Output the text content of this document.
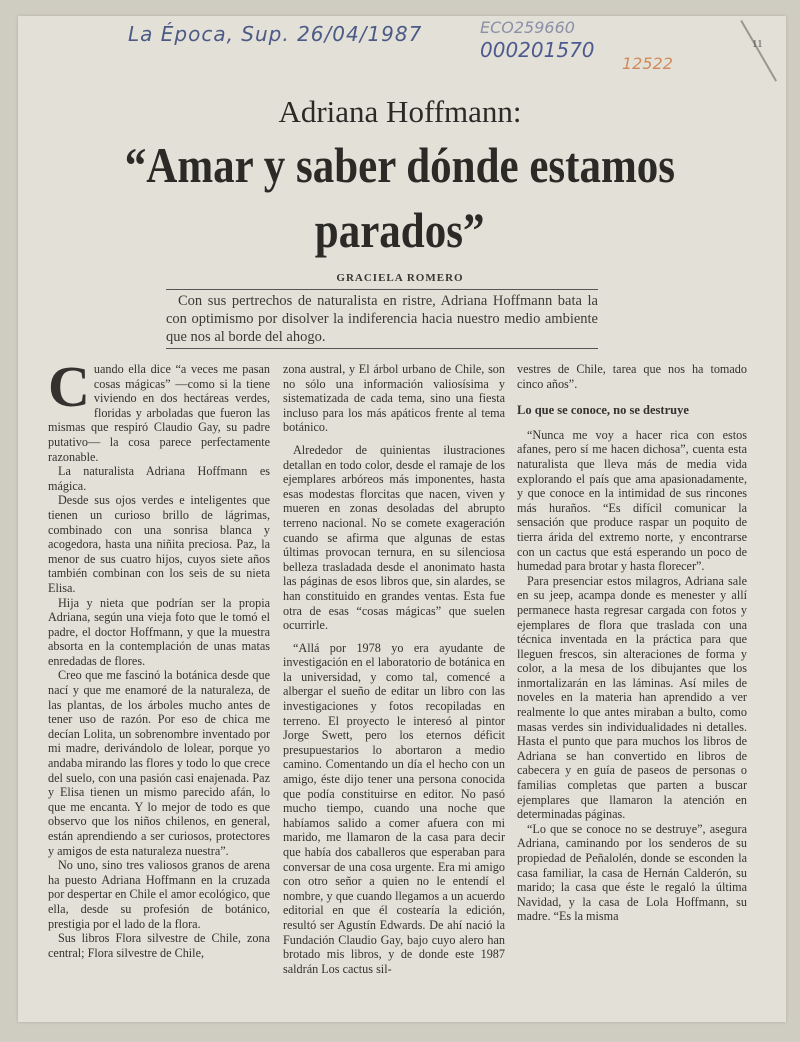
La Época, Sup. 26/04/1987	ECO259660
000201570
12522
11
Adriana Hoffmann:
“Amar y saber dónde estamos
parados”
GRACIELA ROMERO
Con sus pertrechos de naturalista en ristre, Adriana Hoffmann bata la con optimismo por disolver la indiferencia hacia nuestro medio ambiente que nos al borde del ahogo.
C uando ella dice “a veces me pasan cosas mágicas” —como si la tiene viviendo en dos hectáreas verdes, floridas y arboladas que fueron las mismas que respiró Claudio Gay, su padre putativo— la cosa parece perfectamente razonable.

La naturalista Adriana Hoffmann es mágica.

Desde sus ojos verdes e inteligentes que tienen un curioso brillo de lágrimas, combinado con una sonrisa blanca y acogedora, hasta una niñita preciosa. Paz, la menor de sus cuatro hijos, cuyos siete años también combinan con los seis de su nieta Elisa.

Hija y nieta que podrían ser la propia Adriana, según una vieja foto que le tomó el padre, el doctor Hoffmann, y que la muestra absorta en la contemplación de unas matas enredadas de flores.

Creo que me fascinó la botánica desde que nací y que me enamoré de la naturaleza, de las plantas, de los árboles mucho antes de tener uso de razón. Por eso de chica me decían Lolita, un sobrenombre inventado por mi madre, derivándolo de lolear, porque yo andaba mirando las flores y todo lo que crece del suelo, con una pasión casi enajenada. Paz y Elisa tienen un mismo parecido afán, lo que me encanta. Y lo mejor de todo es que observo que los niños chilenos, en general, están aprendiendo a ser curiosos, protectores y amigos de esta naturaleza nuestra”.

No uno, sino tres valiosos granos de arena ha puesto Adriana Hoffmann en la cruzada por despertar en Chile el amor ecológico, que ella, desde su profesión de botánico, prestigia por el lado de la flora.

Sus libros Flora silvestre de Chile, zona central; Flora silvestre de Chile,

zona austral, y El árbol urbano de Chile, son no sólo una información valiosísima y sistematizada de cada tema, sino una fiesta incluso para los más apáticos frente al tema botánico.

Alrededor de quinientas ilustraciones detallan en todo color, desde el ramaje de los ejemplares arbóreos más imponentes, hasta esas modestas florcitas que nacen, viven y mueren en zonas desoladas del abrupto terreno nacional. No se comete exageración cuando se afirma que algunas de estas últimas provocan ternura, en su silenciosa belleza trasladada desde el anonimato hasta las páginas de esos libros que, sin alardes, se han constituido en grandes ventas. Esta fue otra de esas “cosas mágicas” que suelen ocurrirle.

“Allá por 1978 yo era ayudante de investigación en el laboratorio de botánica en la universidad, y como tal, comencé a albergar el sueño de editar un libro con las investigaciones y fotos recopiladas en terreno. El proyecto le interesó al pintor Jorge Swett, pero los eternos déficit presupuestarios lo abortaron a medio camino. Comentando un día el hecho con un amigo, éste dijo tener una persona conocida que podía constituirse en editor. No pasó mucho tiempo, cuando una noche que habíamos salido a comer afuera con mi marido, me llamaron de la casa para decir que había dos caballeros que esperaban para conversar de una cosa urgente. Era mi amigo con otro señor a quien no le entendí el nombre, y que cuando llegamos a un acuerdo editorial en que él costearía la edición, resultó ser Agustín Edwards. De ahí nació la Fundación Claudio Gay, bajo cuyo alero han brotado mis libros, y de donde este 1987 saldrán Los cactus sil-

vestres de Chile, tarea que nos ha tomado cinco años”.

Lo que se conoce, no se destruye

“Nunca me voy a hacer rica con estos afanes, pero sí me hacen dichosa”, cuenta esta naturalista que lleva más de media vida explorando el país que ama apasionadamente, y que conoce en la intimidad de sus rincones más huraños. “Es difícil comunicar la sensación que produce raspar un poquito de tierra árida del extremo norte, y encontrarse con un cactus que está esperando un poco de humedad para brotar y hasta florecer”.

Para presenciar estos milagros, Adriana sale en su jeep, acampa donde es menester y allí permanece hasta regresar cargada con fotos y ejemplares de flora que traslada con una técnica inventada en la práctica para que lleguen frescos, sin alteraciones de forma y color, a la mesa de los dibujantes que los inmortalizarán en las láminas. Así miles de noveles en la materia han aprendido a ver realmente lo que antes miraban a bulto, como masas verdes sin individualidades ni detalles. Hasta el punto que para muchos los libros de Adriana se han convertido en libros de cabecera y en guía de paseos de personas o familias completas que parten a buscar ejemplares que llamaron la atención en determinadas páginas.

“Lo que se conoce no se destruye”, asegura Adriana, caminando por los senderos de su propiedad de Peñalolén, donde se esconden la casa familiar, la casa de Hernán Calderón, su marido; la casa que éste le regaló la última Navidad, y la casa de Lola Hoffmann, su madre. “Es la misma
